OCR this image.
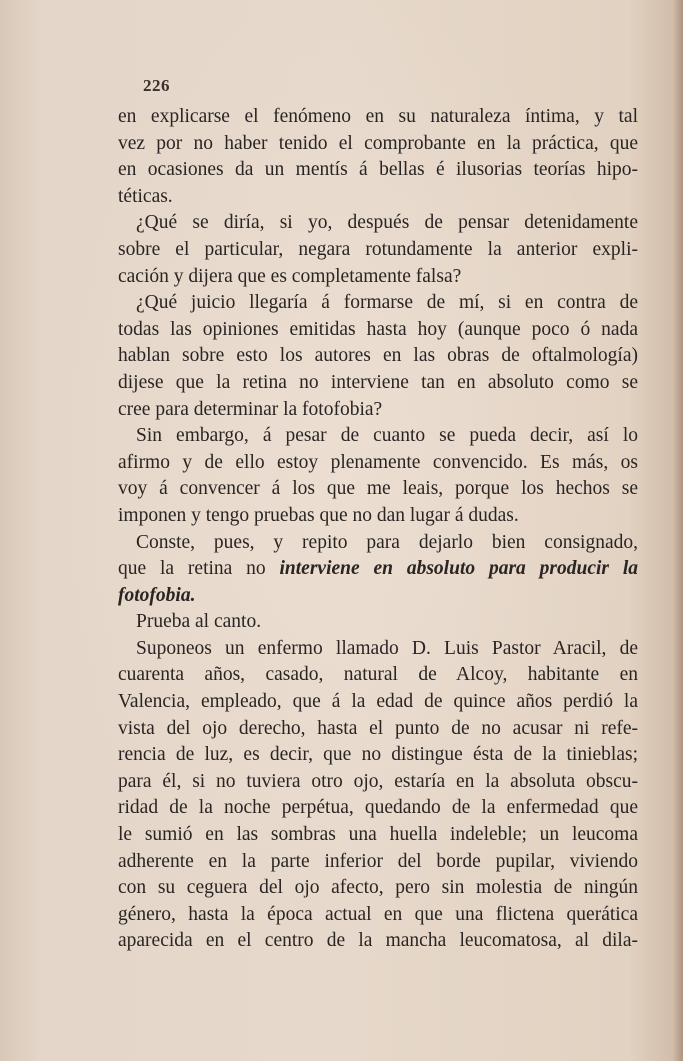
226
en explicarse el fenómeno en su naturaleza íntima, y tal
vez por no haber tenido el comprobante en la práctica, que
en ocasiones da un mentís á bellas é ilusorias teorías hipo-
téticas.
¿Qué se diría, si yo, después de pensar detenidamente
sobre el particular, negara rotundamente la anterior expli-
cación y dijera que es completamente falsa?
¿Qué juicio llegaría á formarse de mí, si en contra de
todas las opiniones emitidas hasta hoy (aunque poco ó nada
hablan sobre esto los autores en las obras de oftalmología)
dijese que la retina no interviene tan en absoluto como se
cree para determinar la fotofobia?
Sin embargo, á pesar de cuanto se pueda decir, así lo
afirmo y de ello estoy plenamente convencido. Es más, os
voy á convencer á los que me leais, porque los hechos se
imponen y tengo pruebas que no dan lugar á dudas.
Conste, pues, y repito para dejarlo bien consignado,
que la retina no interviene en absoluto para producir la
fotofobia.
Prueba al canto.
Suponeos un enfermo llamado D. Luis Pastor Aracil, de
cuarenta años, casado, natural de Alcoy, habitante en
Valencia, empleado, que á la edad de quince años perdió la
vista del ojo derecho, hasta el punto de no acusar ni refe-
rencia de luz, es decir, que no distingue ésta de la tinieblas;
para él, si no tuviera otro ojo, estaría en la absoluta obscu-
ridad de la noche perpétua, quedando de la enfermedad que
le sumió en las sombras una huella indeleble; un leucoma
adherente en la parte inferior del borde pupilar, viviendo
con su ceguera del ojo afecto, pero sin molestia de ningún
género, hasta la época actual en que una flictena querática
aparecida en el centro de la mancha leucomatosa, al dila-
